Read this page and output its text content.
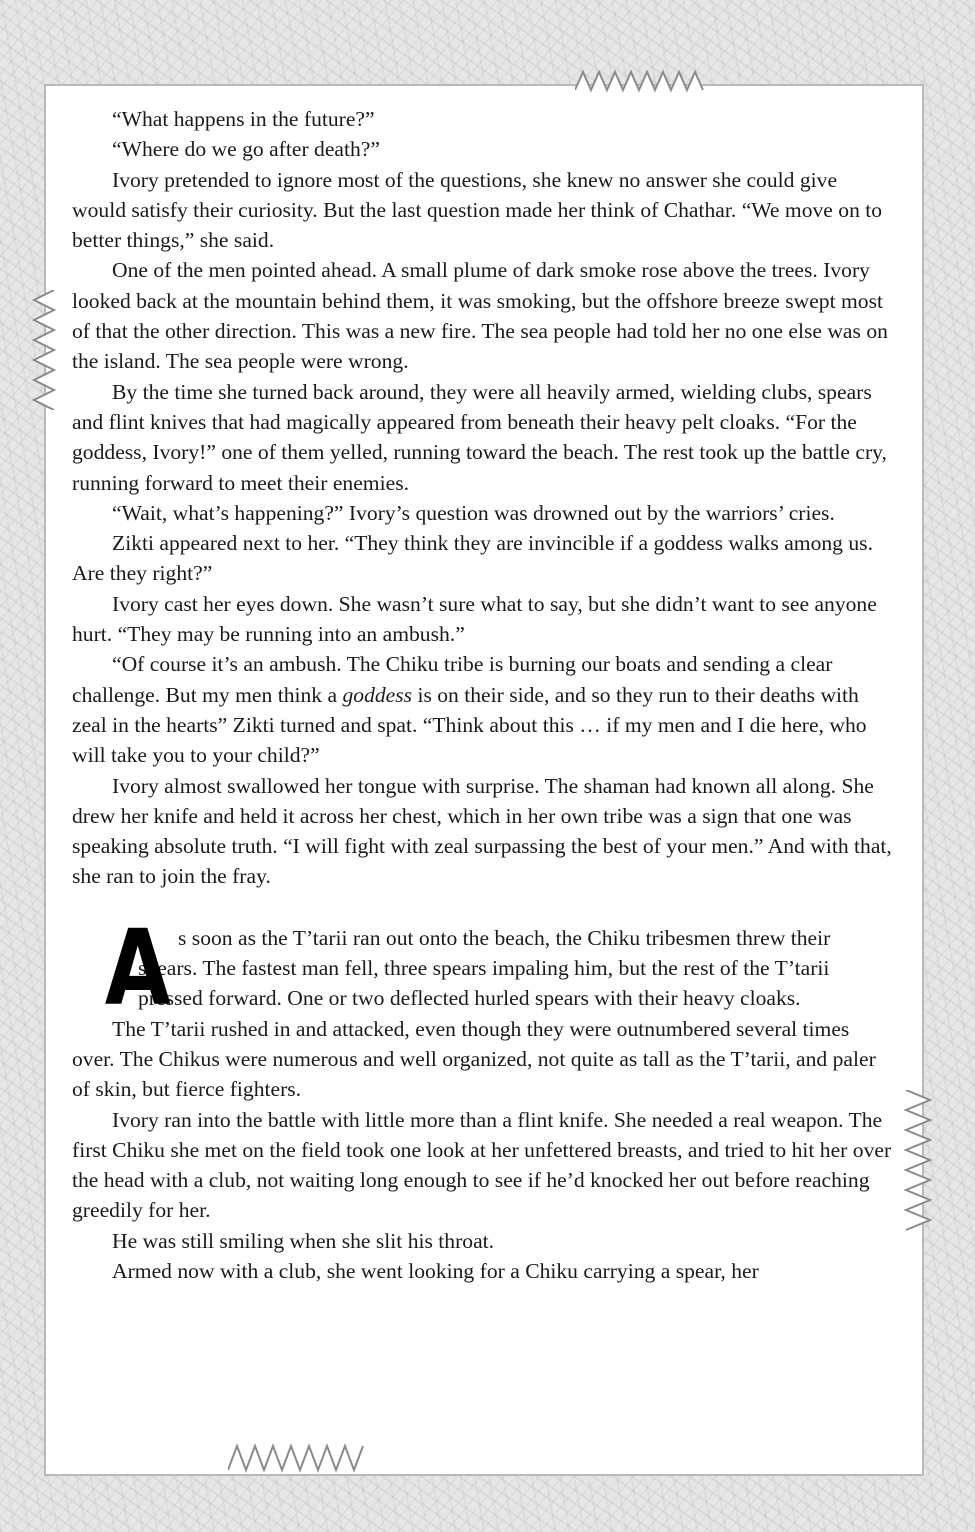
“What happens in the future?”

“Where do we go after death?”

Ivory pretended to ignore most of the questions, she knew no answer she could give would satisfy their curiosity. But the last question made her think of Chathar. “We move on to better things,” she said.

One of the men pointed ahead. A small plume of dark smoke rose above the trees. Ivory looked back at the mountain behind them, it was smoking, but the offshore breeze swept most of that the other direction. This was a new fire. The sea people had told her no one else was on the island. The sea people were wrong.

By the time she turned back around, they were all heavily armed, wielding clubs, spears and flint knives that had magically appeared from beneath their heavy pelt cloaks. “For the goddess, Ivory!” one of them yelled, running toward the beach. The rest took up the battle cry, running forward to meet their enemies.

“Wait, what’s happening?” Ivory’s question was drowned out by the warriors’ cries.

Zikti appeared next to her. “They think they are invincible if a goddess walks among us. Are they right?”

Ivory cast her eyes down. She wasn’t sure what to say, but she didn’t want to see anyone hurt. “They may be running into an ambush.”

“Of course it’s an ambush. The Chiku tribe is burning our boats and sending a clear challenge. But my men think a goddess is on their side, and so they run to their deaths with zeal in the hearts” Zikti turned and spat. “Think about this … if my men and I die here, who will take you to your child?”

Ivory almost swallowed her tongue with surprise. The shaman had known all along. She drew her knife and held it across her chest, which in her own tribe was a sign that one was speaking absolute truth. “I will fight with zeal surpassing the best of your men.” And with that, she ran to join the fray.

As soon as the T’tarii ran out onto the beach, the Chiku tribesmen threw their spears. The fastest man fell, three spears impaling him, but the rest of the T’tarii pressed forward. One or two deflected hurled spears with their heavy cloaks.

The T’tarii rushed in and attacked, even though they were outnumbered several times over. The Chikus were numerous and well organized, not quite as tall as the T’tarii, and paler of skin, but fierce fighters.

Ivory ran into the battle with little more than a flint knife. She needed a real weapon. The first Chiku she met on the field took one look at her unfettered breasts, and tried to hit her over the head with a club, not waiting long enough to see if he’d knocked her out before reaching greedily for her.

He was still smiling when she slit his throat.

Armed now with a club, she went looking for a Chiku carrying a spear, her
